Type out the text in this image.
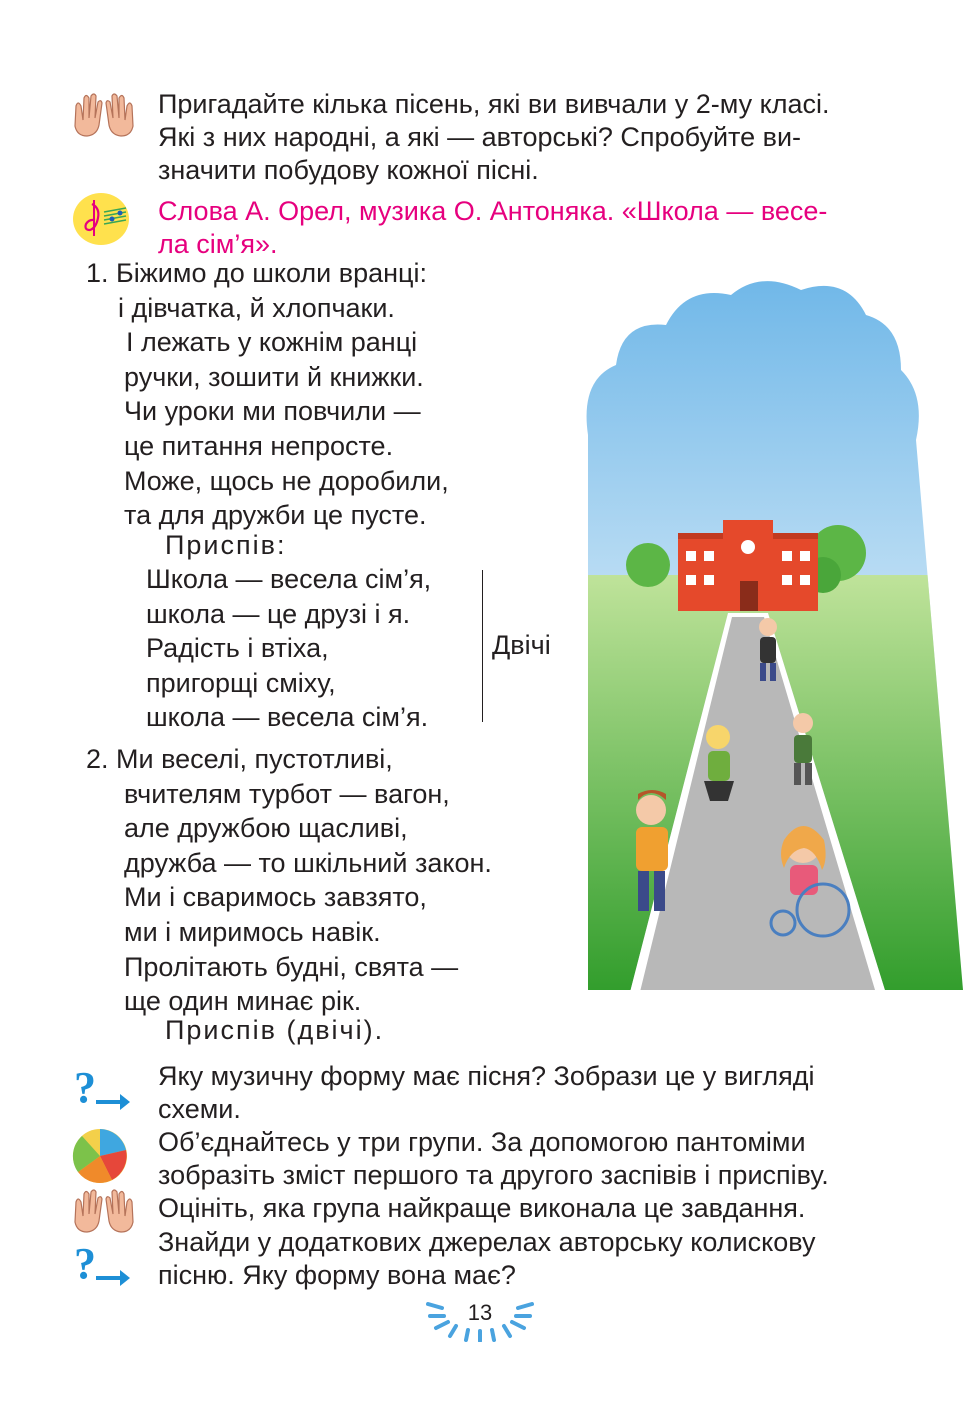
Пригадайте кілька пісень, які ви вивчали у 2-му класі.
Які з них народні, а які — авторські? Спробуйте ви-
значити побудову кожної пісні.
Слова А. Орел, музика О. Антоняка. «Школа — весе-
ла сім’я».
1. Біжимо до школи вранці:
і дівчатка, й хлопчаки.
І лежать у кожнім ранці
ручки, зошити й книжки.
Чи уроки ми повчили —
це питання непросте.
Може, щось не доробили,
та для дружби це пусте.
Приспів:
Школа — весела сім’я,
школа — це друзі і я.
Радість і втіха,
пригорщі сміху,
школа — весела сім’я.
Двічі
2. Ми веселі, пустотливі,
вчителям турбот — вагон,
але дружбою щасливі,
дружба — то шкільний закон.
Ми і сваримось завзято,
ми і миримось навік.
Пролітають будні, свята —
ще один минає рік.
Приспів (двічі).
? Яку музичну форму має пісня? Зобрази це у вигляді
схеми.
Об’єднайтесь у три групи. За допомогою пантоміми
зобразіть зміст першого та другого заспівів і приспіву.
Оцініть, яка група найкраще виконала це завдання.
? Знайди у додаткових джерелах авторську колискову
пісню. Яку форму вона має?
13
